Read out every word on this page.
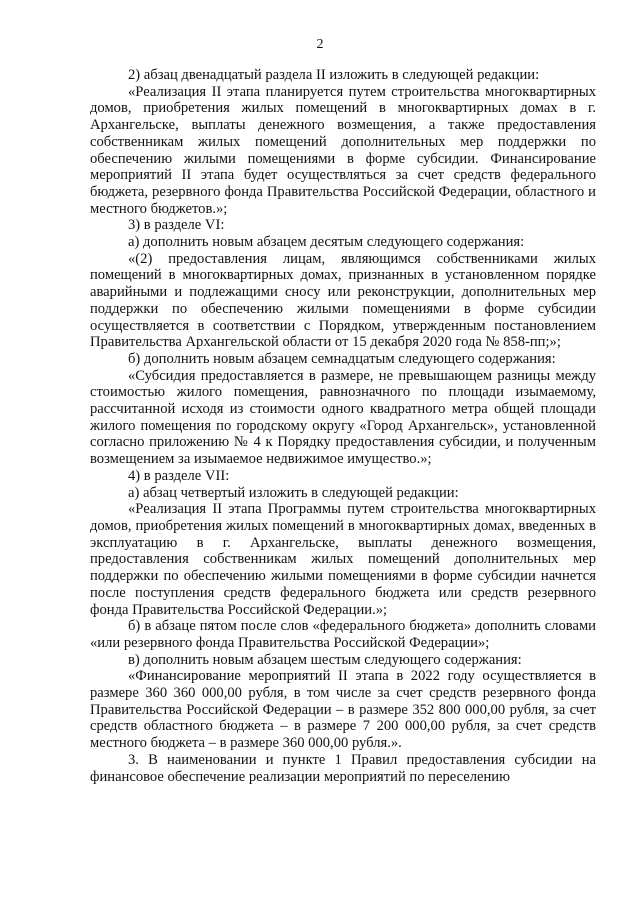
2

2) абзац двенадцатый раздела II изложить в следующей редакции:

«Реализация II этапа планируется путем строительства многоквартирных домов, приобретения жилых помещений в многоквартирных домах в г. Архангельске, выплаты денежного возмещения, а также предоставления собственникам жилых помещений дополнительных мер поддержки по обеспечению жилыми помещениями в форме субсидии. Финансирование мероприятий II этапа будет осуществляться за счет средств федерального бюджета, резервного фонда Правительства Российской Федерации, областного и местного бюджетов.»;

3) в разделе VI:

а) дополнить новым абзацем десятым следующего содержания:

«(2) предоставления лицам, являющимся собственниками жилых помещений в многоквартирных домах, признанных в установленном порядке аварийными и подлежащими сносу или реконструкции, дополнительных мер поддержки по обеспечению жилыми помещениями в форме субсидии осуществляется в соответствии с Порядком, утвержденным постановлением Правительства Архангельской области от 15 декабря 2020 года № 858-пп;»;

б) дополнить новым абзацем семнадцатым следующего содержания:

«Субсидия предоставляется в размере, не превышающем разницы между стоимостью жилого помещения, равнозначного по площади изымаемому, рассчитанной исходя из стоимости одного квадратного метра общей площади жилого помещения по городскому округу «Город Архангельск», установленной согласно приложению № 4 к Порядку предоставления субсидии, и полученным возмещением за изымаемое недвижимое имущество.»;

4) в разделе VII:

а) абзац четвертый изложить в следующей редакции:

«Реализация II этапа Программы путем строительства многоквартирных домов, приобретения жилых помещений в многоквартирных домах, введенных в эксплуатацию в г. Архангельске, выплаты денежного возмещения, предоставления собственникам жилых помещений дополнительных мер поддержки по обеспечению жилыми помещениями в форме субсидии начнется после поступления средств федерального бюджета или средств резервного фонда Правительства Российской Федерации.»;

б) в абзаце пятом после слов «федерального бюджета» дополнить словами «или резервного фонда Правительства Российской Федерации»;

в) дополнить новым абзацем шестым следующего содержания:

«Финансирование мероприятий II этапа в 2022 году осуществляется в размере 360 360 000,00 рубля, в том числе за счет средств резервного фонда Правительства Российской Федерации – в размере 352 800 000,00 рубля, за счет средств областного бюджета – в размере 7 200 000,00 рубля, за счет средств местного бюджета – в размере 360 000,00 рубля.».

3. В наименовании и пункте 1 Правил предоставления субсидии на финансовое обеспечение реализации мероприятий по переселению
